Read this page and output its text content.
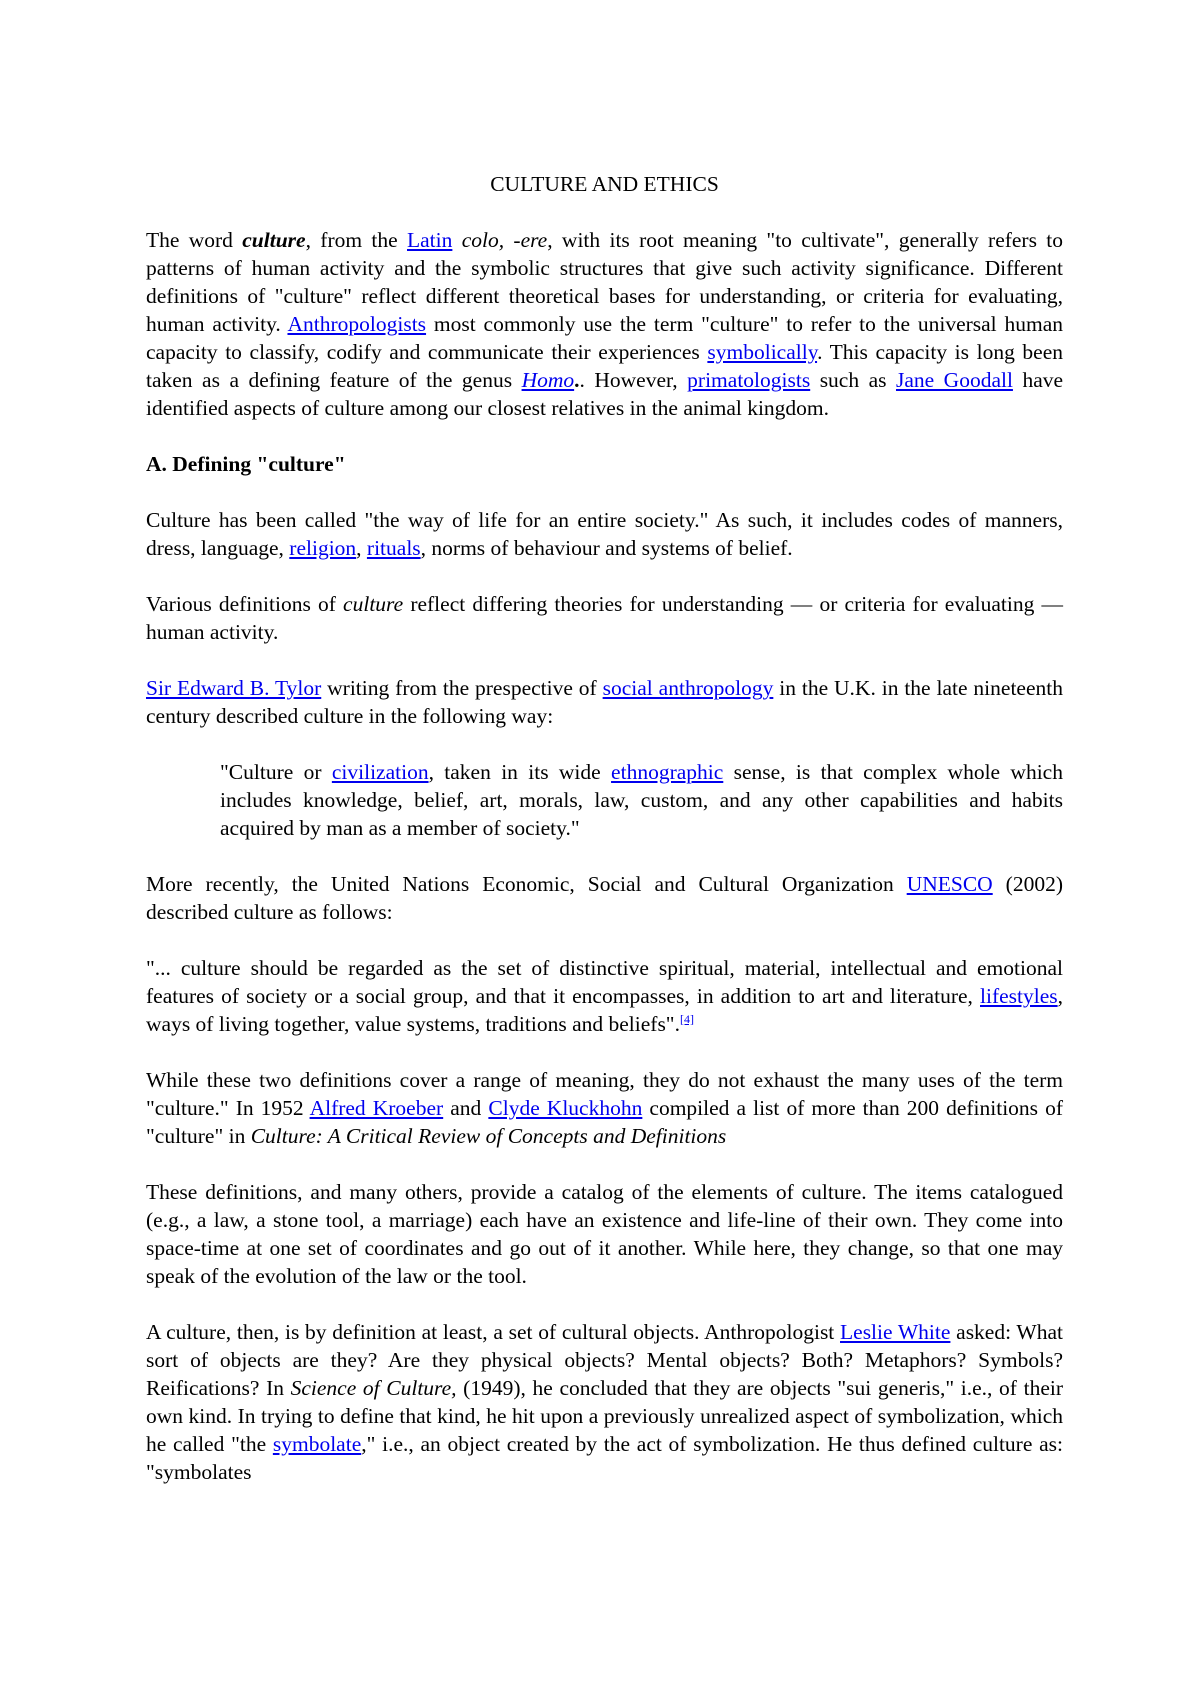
CULTURE AND ETHICS

The word culture, from the Latin colo, -ere, with its root meaning "to cultivate", generally refers to patterns of human activity and the symbolic structures that give such activity significance. Different definitions of "culture" reflect different theoretical bases for understanding, or criteria for evaluating, human activity. Anthropologists most commonly use the term "culture" to refer to the universal human capacity to classify, codify and communicate their experiences symbolically. This capacity is long been taken as a defining feature of the genus Homo.. However, primatologists such as Jane Goodall have identified aspects of culture among our closest relatives in the animal kingdom.

A. Defining "culture"

Culture has been called "the way of life for an entire society." As such, it includes codes of manners, dress, language, religion, rituals, norms of behaviour and systems of belief.

Various definitions of culture reflect differing theories for understanding — or criteria for evaluating — human activity.

Sir Edward B. Tylor writing from the prespective of social anthropology in the U.K. in the late nineteenth century described culture in the following way:

"Culture or civilization, taken in its wide ethnographic sense, is that complex whole which includes knowledge, belief, art, morals, law, custom, and any other capabilities and habits acquired by man as a member of society."

More recently, the United Nations Economic, Social and Cultural Organization UNESCO (2002) described culture as follows:

"... culture should be regarded as the set of distinctive spiritual, material, intellectual and emotional features of society or a social group, and that it encompasses, in addition to art and literature, lifestyles, ways of living together, value systems, traditions and beliefs".[4]

While these two definitions cover a range of meaning, they do not exhaust the many uses of the term "culture." In 1952 Alfred Kroeber and Clyde Kluckhohn compiled a list of more than 200 definitions of "culture" in Culture: A Critical Review of Concepts and Definitions

These definitions, and many others, provide a catalog of the elements of culture. The items catalogued (e.g., a law, a stone tool, a marriage) each have an existence and life-line of their own. They come into space-time at one set of coordinates and go out of it another. While here, they change, so that one may speak of the evolution of the law or the tool.

A culture, then, is by definition at least, a set of cultural objects. Anthropologist Leslie White asked: What sort of objects are they? Are they physical objects? Mental objects? Both? Metaphors? Symbols? Reifications? In Science of Culture, (1949), he concluded that they are objects "sui generis," i.e., of their own kind. In trying to define that kind, he hit upon a previously unrealized aspect of symbolization, which he called "the symbolate," i.e., an object created by the act of symbolization. He thus defined culture as: "symbolates
